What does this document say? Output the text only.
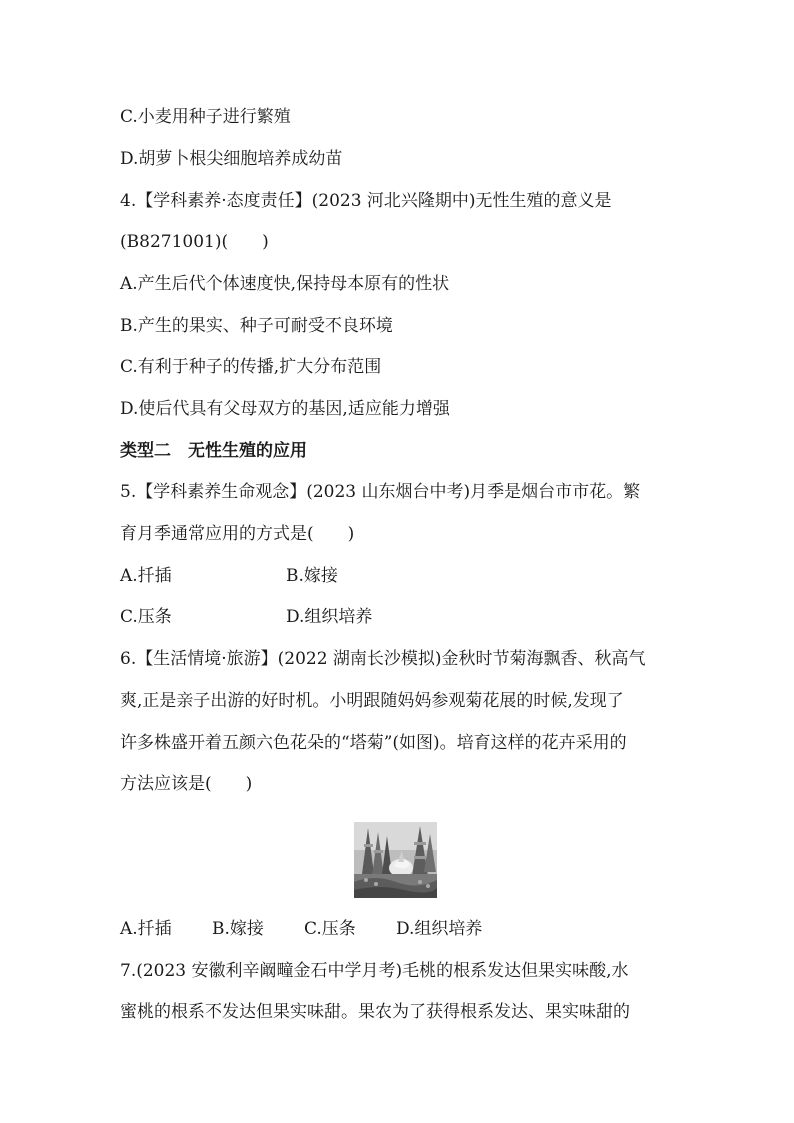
C.小麦用种子进行繁殖
D.胡萝卜根尖细胞培养成幼苗
4.【学科素养·态度责任】(2023 河北兴隆期中)无性生殖的意义是
(B8271001)(　　)
A.产生后代个体速度快,保持母本原有的性状
B.产生的果实、种子可耐受不良环境
C.有利于种子的传播,扩大分布范围
D.使后代具有父母双方的基因,适应能力增强
类型二　无性生殖的应用
5.【学科素养生命观念】(2023 山东烟台中考)月季是烟台市市花。繁
育月季通常应用的方式是(　　)
A.扦插	B.嫁接
C.压条	D.组织培养
6.【生活情境·旅游】(2022 湖南长沙模拟)金秋时节菊海飘香、秋高气
爽,正是亲子出游的好时机。小明跟随妈妈参观菊花展的时候,发现了
许多株盛开着五颜六色花朵的“塔菊”(如图)。培育这样的花卉采用的
方法应该是(　　)
A.扦插 B.嫁接 C.压条 D.组织培养
7.(2023 安徽利辛阚疃金石中学月考)毛桃的根系发达但果实味酸,水
蜜桃的根系不发达但果实味甜。果农为了获得根系发达、果实味甜的
